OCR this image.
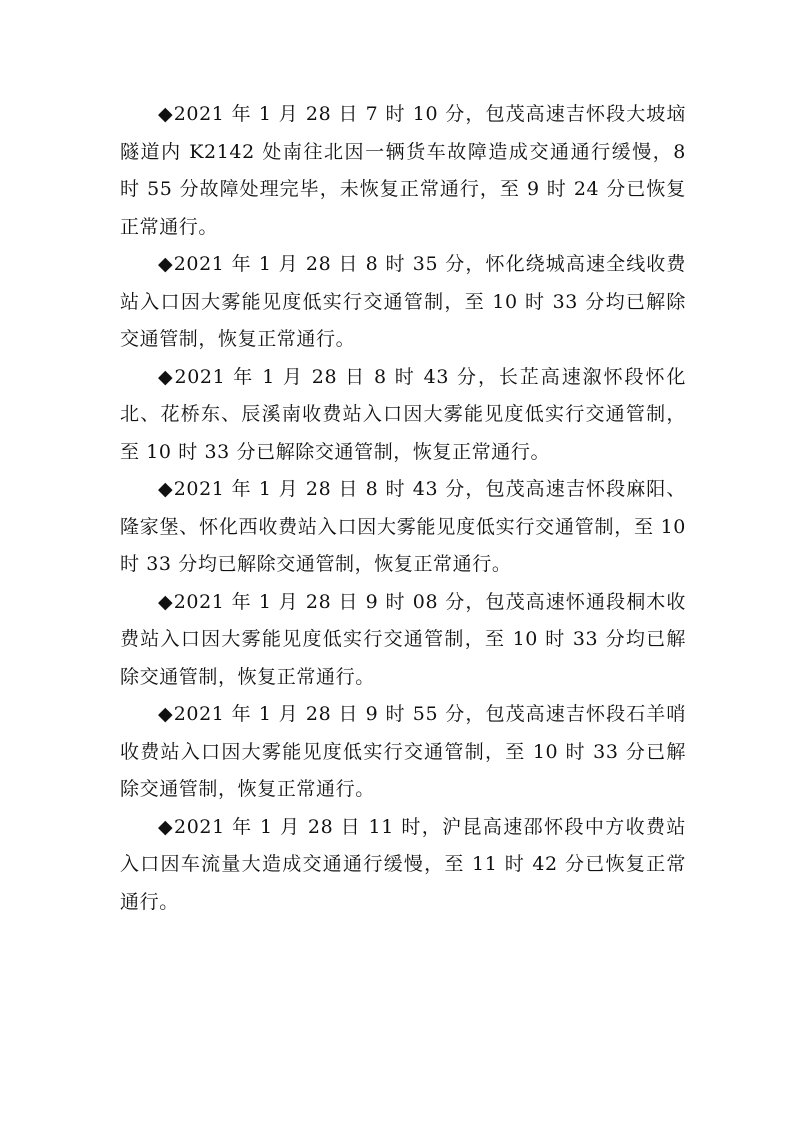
◆2021 年 1 月 28 日 7 时 10 分，包茂高速吉怀段大坡垴隧道内 K2142 处南往北因一辆货车故障造成交通通行缓慢，8 时 55 分故障处理完毕，未恢复正常通行，至 9 时 24 分已恢复正常通行。

◆2021 年 1 月 28 日 8 时 35 分，怀化绕城高速全线收费站入口因大雾能见度低实行交通管制，至 10 时 33 分均已解除交通管制，恢复正常通行。

◆2021 年 1 月 28 日 8 时 43 分，长芷高速溆怀段怀化北、花桥东、辰溪南收费站入口因大雾能见度低实行交通管制，至 10 时 33 分已解除交通管制，恢复正常通行。

◆2021 年 1 月 28 日 8 时 43 分，包茂高速吉怀段麻阳、隆家堡、怀化西收费站入口因大雾能见度低实行交通管制，至 10 时 33 分均已解除交通管制，恢复正常通行。

◆2021 年 1 月 28 日 9 时 08 分，包茂高速怀通段桐木收费站入口因大雾能见度低实行交通管制，至 10 时 33 分均已解除交通管制，恢复正常通行。

◆2021 年 1 月 28 日 9 时 55 分，包茂高速吉怀段石羊哨收费站入口因大雾能见度低实行交通管制，至 10 时 33 分已解除交通管制，恢复正常通行。

◆2021 年 1 月 28 日 11 时，沪昆高速邵怀段中方收费站入口因车流量大造成交通通行缓慢，至 11 时 42 分已恢复正常通行。
